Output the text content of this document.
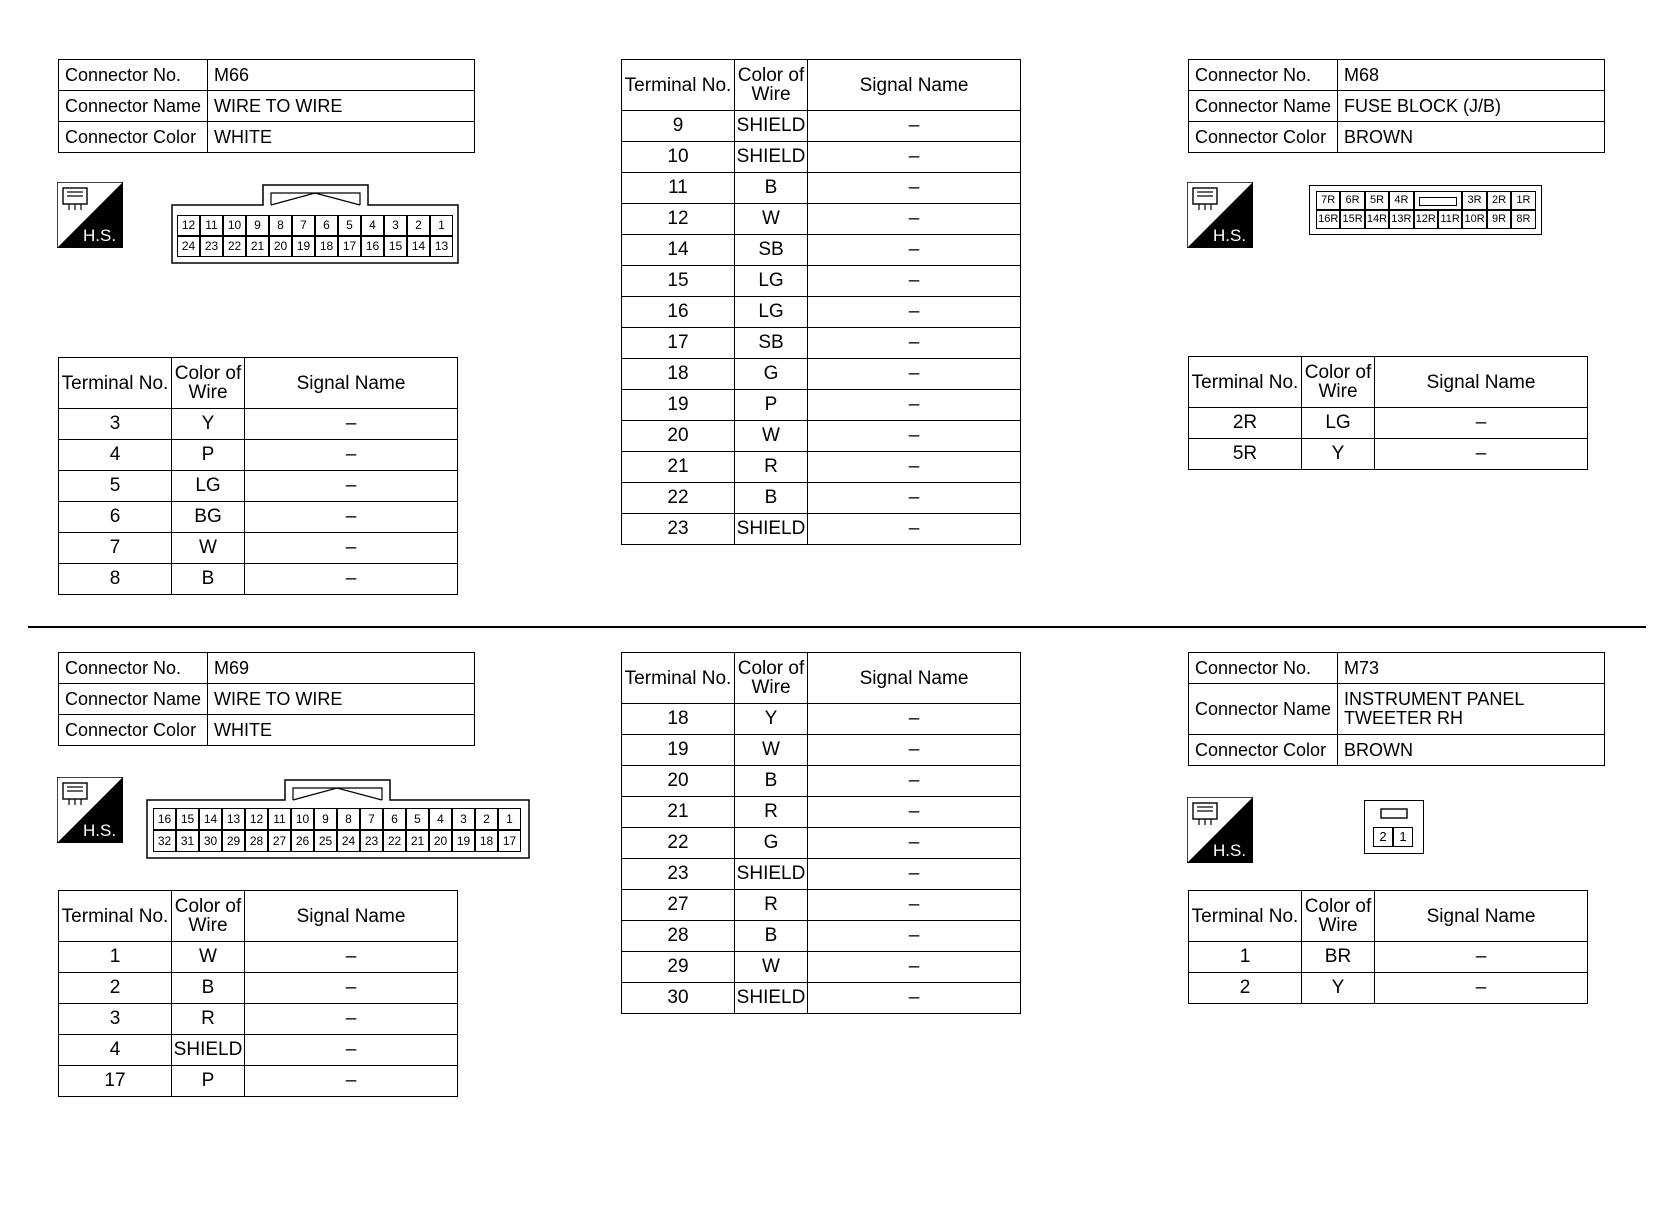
Connector No.	M66
Connector Name	WIRE TO WIRE
Connector Color	WHITE
H.S.
12 11 10	9	8	7	6	5	4	3	2	1
24 23 22 21 20 19 18 17 16 15 14 13
Terminal No.	Color of Wire	Signal Name
3	Y	–
4	P	–
5	LG	–
6	BG	–
7	W	–
8	B	–
Terminal No.	Color of Wire	Signal Name
9	SHIELD	–
10	SHIELD	–
11	B	–
12	W	–
14	SB	–
15	LG	–
16	LG	–
17	SB	–
18	G	–
19	P	–
20	W	–
21	R	–
22	B	–
23	SHIELD	–
Connector No.	M68
Connector Name	FUSE BLOCK (J/B)
Connector Color	BROWN
H.S.
7R 6R 5R 4R	3R 2R 1R
16R 15R 14R 13R 12R 11R 10R 9R 8R
Terminal No.	Color of Wire	Signal Name
2R	LG	–
5R	Y	–
Connector No.	M69
Connector Name	WIRE TO WIRE
Connector Color	WHITE
H.S.
16 15 14 13 12 11 10	9	8	7	6	5	4	3	2	1
32 31 30 29 28 27 26 25 24 23 22 21 20 19 18 17
Terminal No.	Color of Wire	Signal Name
1	W	–
2	B	–
3	R	–
4	SHIELD	–
17	P	–
Terminal No.	Color of Wire	Signal Name
18	Y	–
19	W	–
20	B	–
21	R	–
22	G	–
23	SHIELD	–
27	R	–
28	B	–
29	W	–
30	SHIELD	–
Connector No.	M73
Connector Name	INSTRUMENT PANEL TWEETER RH
Connector Color	BROWN
H.S.
2 1
Terminal No.	Color of Wire	Signal Name
1	BR	–
2	Y	–
